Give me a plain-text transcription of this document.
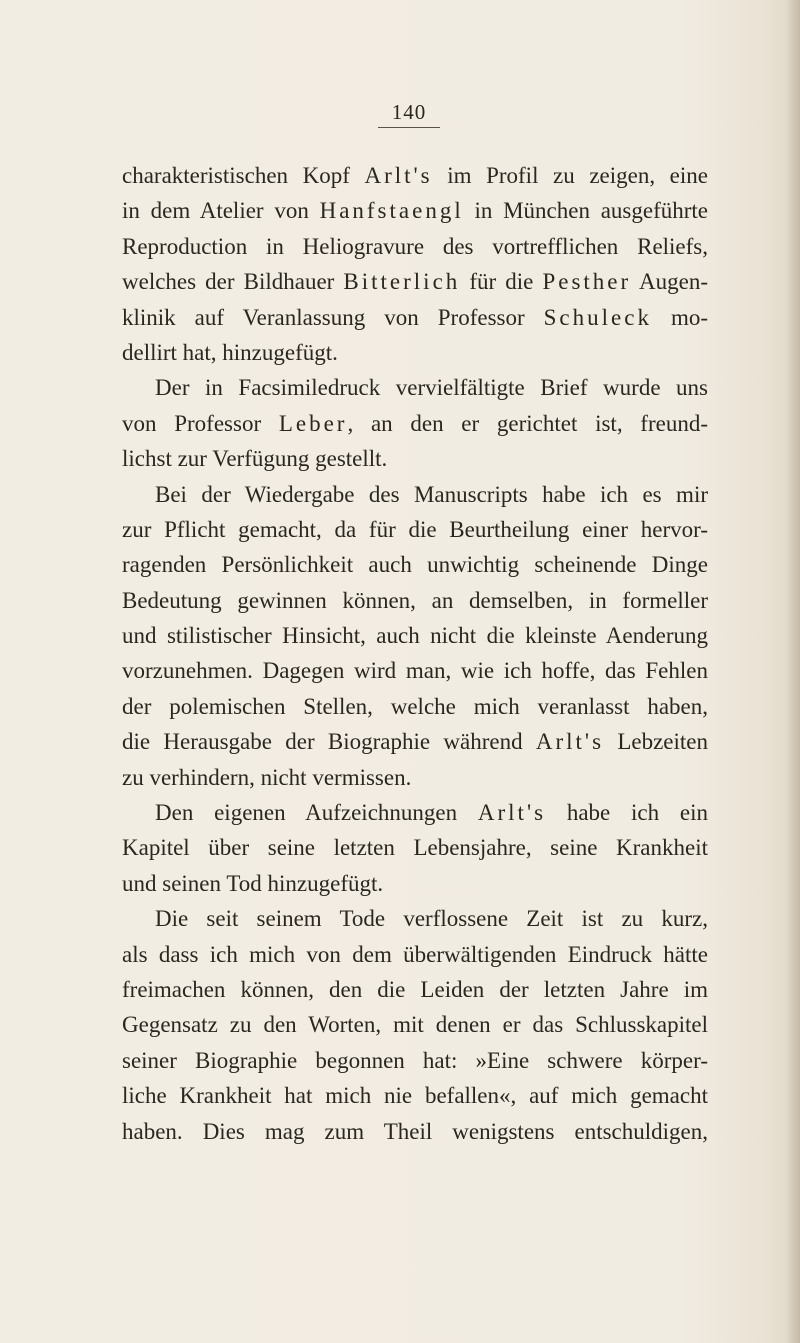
140
charakteristischen Kopf Arlt's im Profil zu zeigen, eine
in dem Atelier von Hanfstaengl in München ausgeführte
Reproduction in Heliogravure des vortrefflichen Reliefs,
welches der Bildhauer Bitterlich für die Pesther Augen-
klinik auf Veranlassung von Professor Schuleck mo-
dellirt hat, hinzugefügt.
Der in Facsimiledruck vervielfältigte Brief wurde uns
von Professor Leber, an den er gerichtet ist, freund-
lichst zur Verfügung gestellt.
Bei der Wiedergabe des Manuscripts habe ich es mir
zur Pflicht gemacht, da für die Beurtheilung einer hervor-
ragenden Persönlichkeit auch unwichtig scheinende Dinge
Bedeutung gewinnen können, an demselben, in formeller
und stilistischer Hinsicht, auch nicht die kleinste Aenderung
vorzunehmen. Dagegen wird man, wie ich hoffe, das Fehlen
der polemischen Stellen, welche mich veranlasst haben,
die Herausgabe der Biographie während Arlt's Lebzeiten
zu verhindern, nicht vermissen.
Den eigenen Aufzeichnungen Arlt's habe ich ein
Kapitel über seine letzten Lebensjahre, seine Krankheit
und seinen Tod hinzugefügt.
Die seit seinem Tode verflossene Zeit ist zu kurz,
als dass ich mich von dem überwältigenden Eindruck hätte
freimachen können, den die Leiden der letzten Jahre im
Gegensatz zu den Worten, mit denen er das Schlusskapitel
seiner Biographie begonnen hat: »Eine schwere körper-
liche Krankheit hat mich nie befallen«, auf mich gemacht
haben. Dies mag zum Theil wenigstens entschuldigen,
